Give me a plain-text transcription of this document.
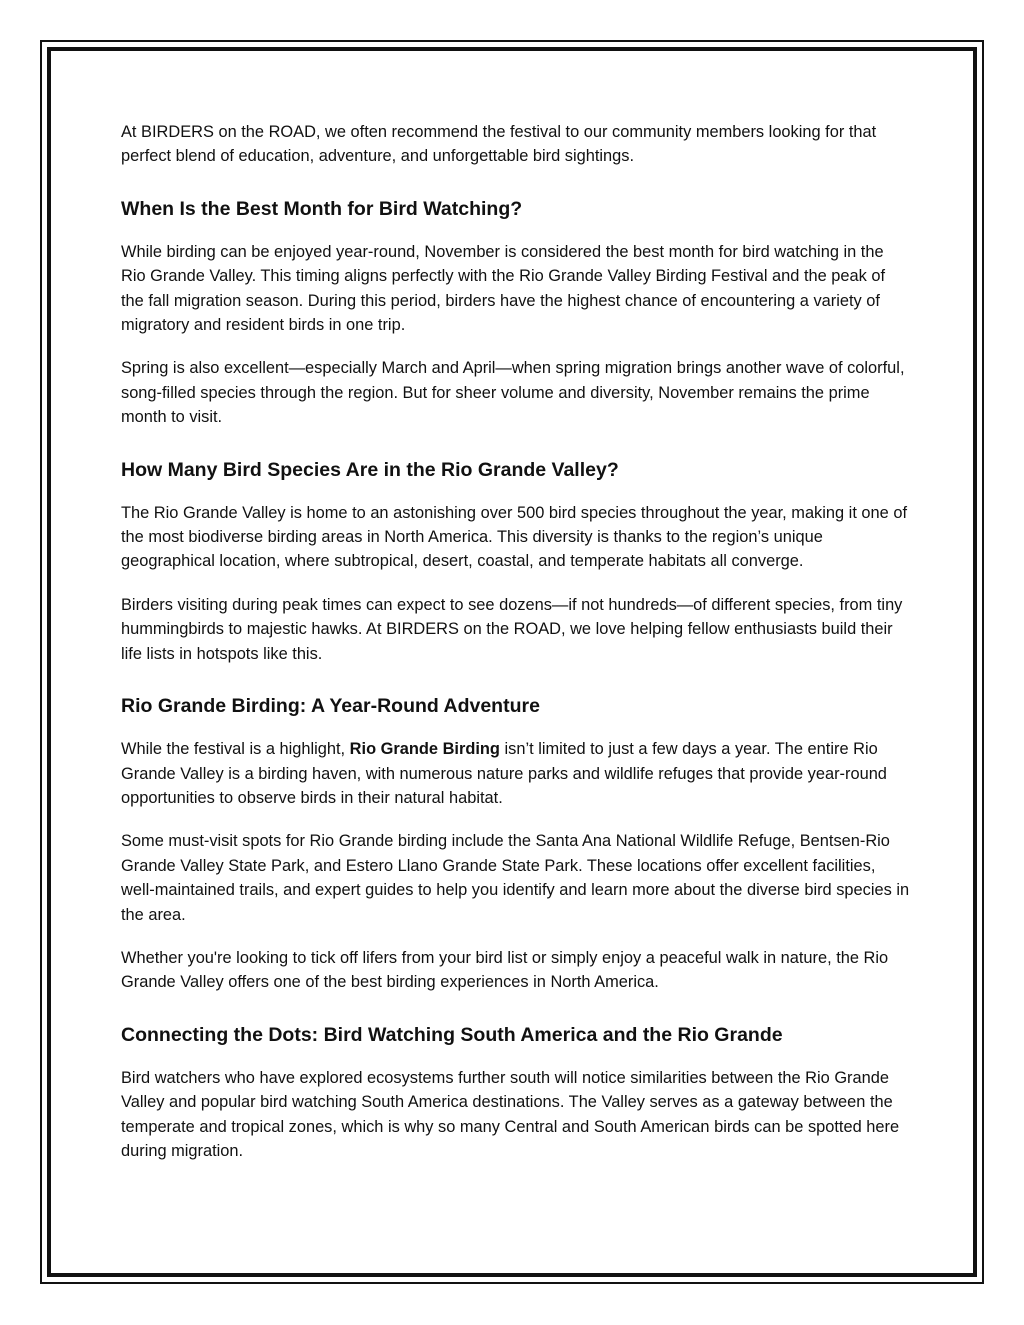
At BIRDERS on the ROAD, we often recommend the festival to our community members looking for that perfect blend of education, adventure, and unforgettable bird sightings.

When Is the Best Month for Bird Watching?

While birding can be enjoyed year-round, November is considered the best month for bird watching in the Rio Grande Valley. This timing aligns perfectly with the Rio Grande Valley Birding Festival and the peak of the fall migration season. During this period, birders have the highest chance of encountering a variety of migratory and resident birds in one trip.

Spring is also excellent—especially March and April—when spring migration brings another wave of colorful, song-filled species through the region. But for sheer volume and diversity, November remains the prime month to visit.

How Many Bird Species Are in the Rio Grande Valley?

The Rio Grande Valley is home to an astonishing over 500 bird species throughout the year, making it one of the most biodiverse birding areas in North America. This diversity is thanks to the region’s unique geographical location, where subtropical, desert, coastal, and temperate habitats all converge.

Birders visiting during peak times can expect to see dozens—if not hundreds—of different species, from tiny hummingbirds to majestic hawks. At BIRDERS on the ROAD, we love helping fellow enthusiasts build their life lists in hotspots like this.

Rio Grande Birding: A Year-Round Adventure

While the festival is a highlight, Rio Grande Birding isn’t limited to just a few days a year. The entire Rio Grande Valley is a birding haven, with numerous nature parks and wildlife refuges that provide year-round opportunities to observe birds in their natural habitat.

Some must-visit spots for Rio Grande birding include the Santa Ana National Wildlife Refuge, Bentsen-Rio Grande Valley State Park, and Estero Llano Grande State Park. These locations offer excellent facilities, well-maintained trails, and expert guides to help you identify and learn more about the diverse bird species in the area.

Whether you're looking to tick off lifers from your bird list or simply enjoy a peaceful walk in nature, the Rio Grande Valley offers one of the best birding experiences in North America.

Connecting the Dots: Bird Watching South America and the Rio Grande

Bird watchers who have explored ecosystems further south will notice similarities between the Rio Grande Valley and popular bird watching South America destinations. The Valley serves as a gateway between the temperate and tropical zones, which is why so many Central and South American birds can be spotted here during migration.
